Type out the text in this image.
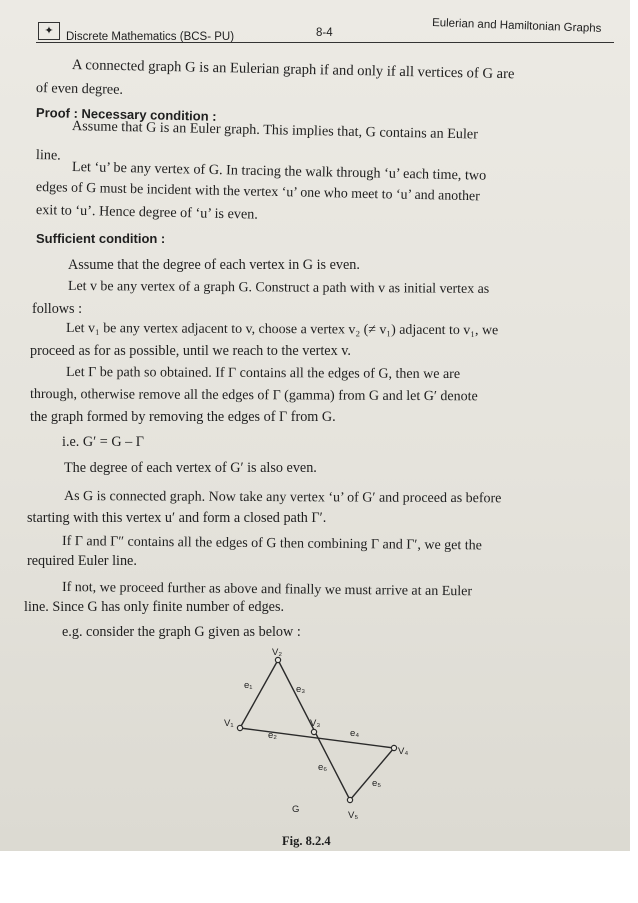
✦	Discrete Mathematics (BCS- PU)	8-4	Eulerian and Hamiltonian Graphs
A connected graph G is an Eulerian graph if and only if all vertices of G are
of even degree.
Proof : Necessary condition :
Assume that G is an Euler graph. This implies that, G contains an Euler
line.
Let ‘u’ be any vertex of G. In tracing the walk through ‘u’ each time, two
edges of G must be incident with the vertex ‘u’ one who meet to ‘u’ and another
exit to ‘u’. Hence degree of ‘u’ is even.
Sufficient condition :
Assume that the degree of each vertex in G is even.
Let v be any vertex of a graph G. Construct a path with v as initial vertex as
follows :
Let v₁ be any vertex adjacent to v, choose a vertex v₂ (≠ v₁) adjacent to v₁, we
proceed as for as possible, until we reach to the vertex v.
Let Γ be path so obtained. If Γ contains all the edges of G, then we are
through, otherwise remove all the edges of Γ (gamma) from G and let G′ denote
the graph formed by removing the edges of Γ from G.
i.e. G′ = G – Γ
The degree of each vertex of G′ is also even.
As G is connected graph. Now take any vertex ‘u’ of G′ and proceed as before
starting with this vertex u′ and form a closed path Γ′.
If Γ and Γ″ contains all the edges of G then combining Γ and Γ′, we get the
required Euler line.
If not, we proceed further as above and finally we must arrive at an Euler
line. Since G has only finite number of edges.
e.g. consider the graph G given as below :
V₁
V₂
V₃
V₄
V₅
e₁
e₂
e₃
e₄
e₅
e₆
G
Fig. 8.2.4
